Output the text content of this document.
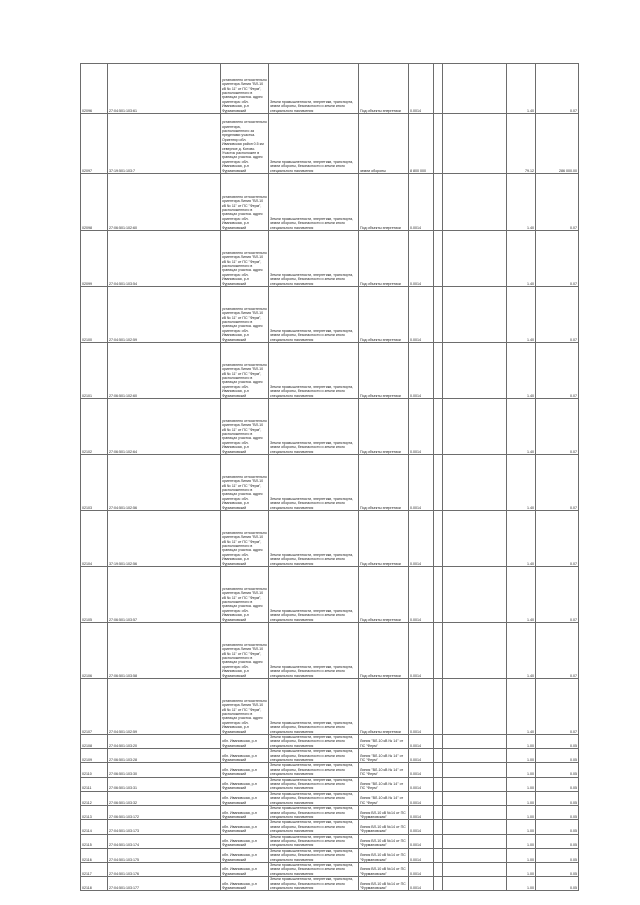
02096	27:04:501:103:61	установлено относительно ориентира Линия "ВЛ-10 кВ № 11" от ПС "Ферм", расположенного в границах участка. адрес ориентира: обл. Ивановская, р-н Фурмановский	Земли промышленности, энергетики, транспорта, земли обороны, безопасности и земли иного специального назначения	Под объекты энергетики	0.0014			1.40	0.07
02097	37:19:501:103:7	установлено относительно ориентира, расположенного за пределами участка. Ориентир обл. Ивановская район 0.5 км северное д. Котово. Участок расположен в границах участка. адрес ориентира: обл. Ивановская, р-н Фурмановский	Земли промышленности, энергетики, транспорта, земли обороны, безопасности и земли иного специального назначения	земли обороны	8 800 000			79.12	286 000.00
02098	27:06:501:102:60	установлено относительно ориентира Линия "ВЛ-10 кВ № 11" от ПС "Ферм", расположенного в границах участка. адрес ориентира: обл. Ивановская, р-н Фурмановский	Земли промышленности, энергетики, транспорта, земли обороны, безопасности и земли иного специального назначения	Под объекты энергетики	0.0014			1.40	0.07
02099	27:04:501:103:54	установлено относительно ориентира Линия "ВЛ-10 кВ № 11" от ПС "Ферм", расположенного в границах участка. адрес ориентира: обл. Ивановская, р-н Фурмановский	Земли промышленности, энергетики, транспорта, земли обороны, безопасности и земли иного специального назначения	Под объекты энергетики	0.0014			1.40	0.07
02100	27:04:501:102:59	установлено относительно ориентира Линия "ВЛ-10 кВ № 11" от ПС "Ферм", расположенного в границах участка. адрес ориентира: обл. Ивановская, р-н Фурмановский	Земли промышленности, энергетики, транспорта, земли обороны, безопасности и земли иного специального назначения	Под объекты энергетики	0.0014			1.40	0.07
02101	27:06:501:102:60	установлено относительно ориентира Линия "ВЛ-10 кВ № 11" от ПС "Ферм", расположенного в границах участка. адрес ориентира: обл. Ивановская, р-н Фурмановский	Земли промышленности, энергетики, транспорта, земли обороны, безопасности и земли иного специального назначения	Под объекты энергетики	0.0014			1.40	0.07
02102	27:06:501:102:64	установлено относительно ориентира Линия "ВЛ-10 кВ № 11" от ПС "Ферм", расположенного в границах участка. адрес ориентира: обл. Ивановская, р-н Фурмановский	Земли промышленности, энергетики, транспорта, земли обороны, безопасности и земли иного специального назначения	Под объекты энергетики	0.0014			1.40	0.07
02103	27:04:501:102:56	установлено относительно ориентира Линия "ВЛ-10 кВ № 11" от ПС "Ферм", расположенного в границах участка. адрес ориентира: обл. Ивановская, р-н Фурмановский	Земли промышленности, энергетики, транспорта, земли обороны, безопасности и земли иного специального назначения	Под объекты энергетики	0.0014			1.40	0.07
02104	37:19:501:102:56	установлено относительно ориентира Линия "ВЛ-10 кВ № 11" от ПС "Ферм", расположенного в границах участка. адрес ориентира: обл. Ивановская, р-н Фурмановский	Земли промышленности, энергетики, транспорта, земли обороны, безопасности и земли иного специального назначения	Под объекты энергетики	0.0014			1.40	0.07
02105	27:06:501:103:57	установлено относительно ориентира Линия "ВЛ-10 кВ № 11" от ПС "Ферм", расположенного в границах участка. адрес ориентира: обл. Ивановская, р-н Фурмановский	Земли промышленности, энергетики, транспорта, земли обороны, безопасности и земли иного специального назначения	Под объекты энергетики	0.0014			1.40	0.07
02106	27:06:501:103:58	установлено относительно ориентира Линия "ВЛ-10 кВ № 11" от ПС "Ферм", расположенного в границах участка. адрес ориентира: обл. Ивановская, р-н Фурмановский	Земли промышленности, энергетики, транспорта, земли обороны, безопасности и земли иного специального назначения	Под объекты энергетики	0.0014			1.40	0.07
02107	27:04:501:102:59	установлено относительно ориентира Линия "ВЛ-10 кВ № 11" от ПС "Ферм", расположенного в границах участка. адрес ориентира: обл. Ивановская, р-н Фурмановский	Земли промышленности, энергетики, транспорта, земли обороны, безопасности и земли иного специального назначения	Под объекты энергетики	0.0014			1.40	0.07
02108	27:04:501:103:20	обл. Ивановская, р-н Фурмановский	Земли промышленности, энергетики, транспорта, земли обороны, безопасности и земли иного специального назначения	Линия "ВЛ-10 кВ № 14" от ПС "Ферм"	0.0014			1.00	0.05
02109	27:06:501:103:28	обл. Ивановская, р-н Фурмановский	Земли промышленности, энергетики, транспорта, земли обороны, безопасности и земли иного специального назначения	Линия "ВЛ-10 кВ № 14" от ПС "Ферм"	0.0014			1.00	0.05
02110	27:06:501:103:30	обл. Ивановская, р-н Фурмановский	Земли промышленности, энергетики, транспорта, земли обороны, безопасности и земли иного специального назначения	Линия "ВЛ-10 кВ № 14" от ПС "Ферм"	0.0014			1.00	0.05
02111	27:06:501:103:31	обл. Ивановская, р-н Фурмановский	Земли промышленности, энергетики, транспорта, земли обороны, безопасности и земли иного специального назначения	Линия "ВЛ-10 кВ № 14" от ПС "Ферм"	0.0014			1.00	0.05
02112	27:06:501:103:32	обл. Ивановская, р-н Фурмановский	Земли промышленности, энергетики, транспорта, земли обороны, безопасности и земли иного специального назначения	Линия "ВЛ-10 кВ № 14" от ПС "Ферм"	0.0014			1.00	0.05
02113	27:06:501:103:172	обл. Ивановская, р-н Фурмановский	Земли промышленности, энергетики, транспорта, земли обороны, безопасности и земли иного специального назначения	Линия ВЛ-10 кВ №14 от ПС "Фурмановская"	0.0014			1.00	0.05
02114	27:04:501:103:173	обл. Ивановская, р-н Фурмановский	Земли промышленности, энергетики, транспорта, земли обороны, безопасности и земли иного специального назначения	Линия ВЛ-10 кВ №14 от ПС "Фурмановская"	0.0014			1.00	0.05
02115	27:04:501:103:174	обл. Ивановская, р-н Фурмановский	Земли промышленности, энергетики, транспорта, земли обороны, безопасности и земли иного специального назначения	Линия ВЛ-10 кВ №14 от ПС "Фурмановская"	0.0014			1.00	0.05
02116	27:04:501:103:175	обл. Ивановская, р-н Фурмановский	Земли промышленности, энергетики, транспорта, земли обороны, безопасности и земли иного специального назначения	Линия ВЛ-10 кВ №14 от ПС "Фурмановская"	0.0014			1.00	0.05
02117	27:04:501:103:176	обл. Ивановская, р-н Фурмановский	Земли промышленности, энергетики, транспорта, земли обороны, безопасности и земли иного специального назначения	Линия ВЛ-10 кВ №14 от ПС "Фурмановская"	0.0014			1.00	0.05
02118	27:04:501:103:177	обл. Ивановская, р-н Фурмановский	Земли промышленности, энергетики, транспорта, земли обороны, безопасности и земли иного специального назначения	Линия ВЛ-10 кВ №14 от ПС "Фурмановская"	0.0014			1.00	0.05
